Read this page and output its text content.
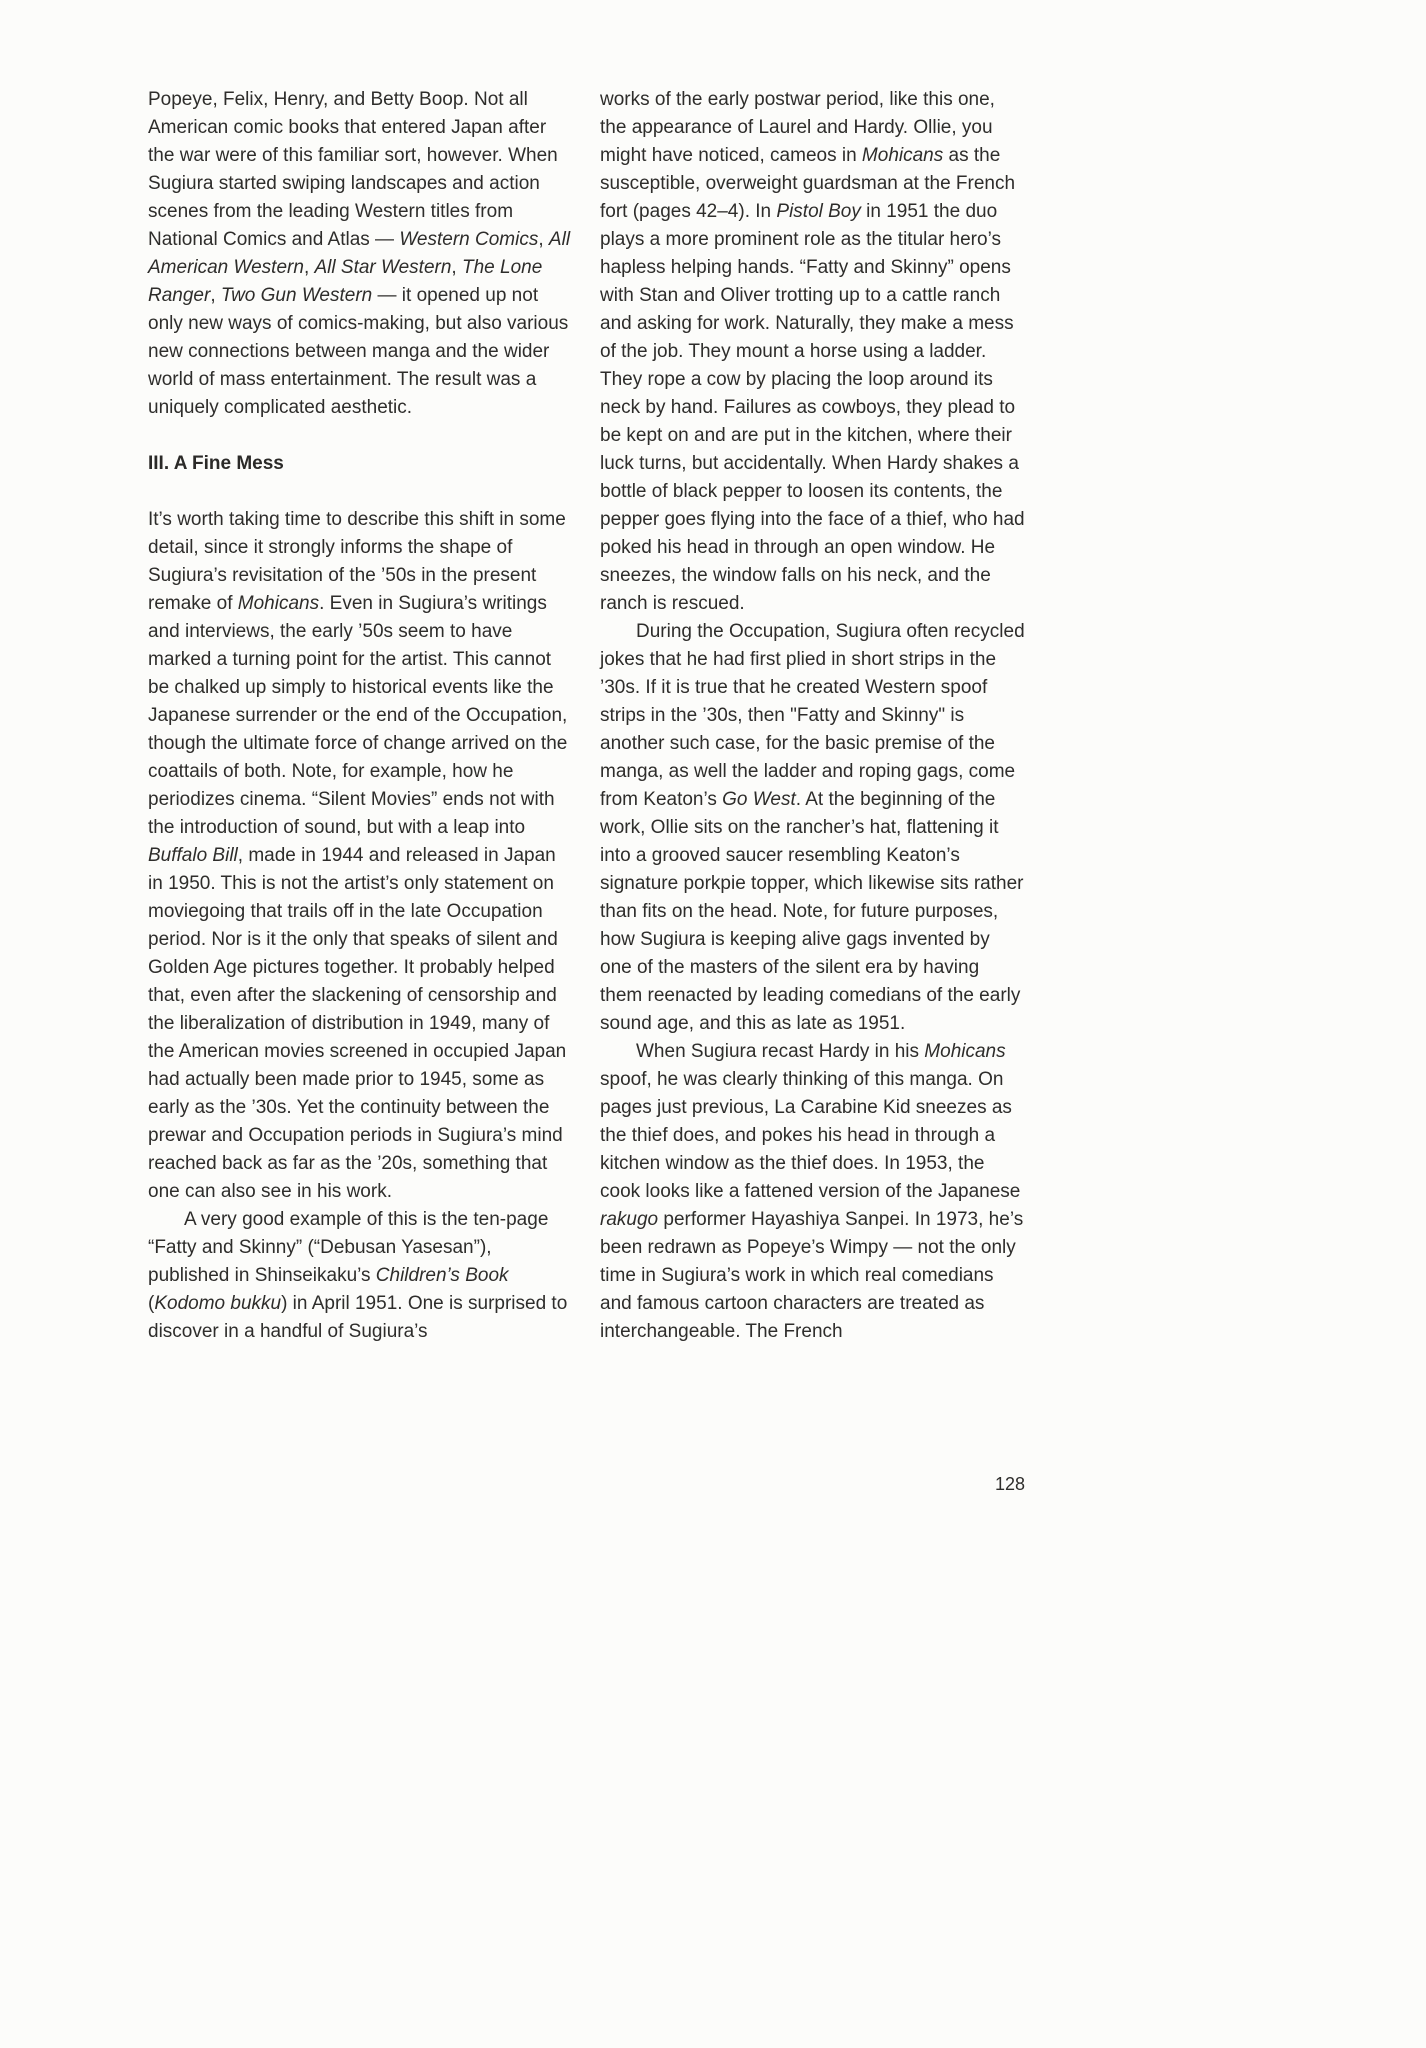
Popeye, Felix, Henry, and Betty Boop. Not all American comic books that entered Japan after the war were of this familiar sort, however. When Sugiura started swiping landscapes and action scenes from the leading Western titles from National Comics and Atlas — Western Comics, All American Western, All Star Western, The Lone Ranger, Two Gun Western — it opened up not only new ways of comics-making, but also various new connections between manga and the wider world of mass entertainment. The result was a uniquely complicated aesthetic.

III. A Fine Mess

It’s worth taking time to describe this shift in some detail, since it strongly informs the shape of Sugiura’s revisitation of the ’50s in the present remake of Mohicans. Even in Sugiura’s writings and interviews, the early ’50s seem to have marked a turning point for the artist. This cannot be chalked up simply to historical events like the Japanese surrender or the end of the Occupation, though the ultimate force of change arrived on the coattails of both. Note, for example, how he periodizes cinema. “Silent Movies” ends not with the introduction of sound, but with a leap into Buffalo Bill, made in 1944 and released in Japan in 1950. This is not the artist’s only statement on moviegoing that trails off in the late Occupation period. Nor is it the only that speaks of silent and Golden Age pictures together. It probably helped that, even after the slackening of censorship and the liberalization of distribution in 1949, many of the American movies screened in occupied Japan had actually been made prior to 1945, some as early as the ’30s. Yet the continuity between the prewar and Occupation periods in Sugiura’s mind reached back as far as the ’20s, something that one can also see in his work.

A very good example of this is the ten-page “Fatty and Skinny” (“Debusan Yasesan”), published in Shinseikaku’s Children’s Book (Kodomo bukku) in April 1951. One is surprised to discover in a handful of Sugiura’s

works of the early postwar period, like this one, the appearance of Laurel and Hardy. Ollie, you might have noticed, cameos in Mohicans as the susceptible, overweight guardsman at the French fort (pages 42–4). In Pistol Boy in 1951 the duo plays a more prominent role as the titular hero’s hapless helping hands. “Fatty and Skinny” opens with Stan and Oliver trotting up to a cattle ranch and asking for work. Naturally, they make a mess of the job. They mount a horse using a ladder. They rope a cow by placing the loop around its neck by hand. Failures as cowboys, they plead to be kept on and are put in the kitchen, where their luck turns, but accidentally. When Hardy shakes a bottle of black pepper to loosen its contents, the pepper goes flying into the face of a thief, who had poked his head in through an open window. He sneezes, the window falls on his neck, and the ranch is rescued.

During the Occupation, Sugiura often recycled jokes that he had first plied in short strips in the ’30s. If it is true that he created Western spoof strips in the ’30s, then "Fatty and Skinny" is another such case, for the basic premise of the manga, as well the ladder and roping gags, come from Keaton’s Go West. At the beginning of the work, Ollie sits on the rancher’s hat, flattening it into a grooved saucer resembling Keaton’s signature porkpie topper, which likewise sits rather than fits on the head. Note, for future purposes, how Sugiura is keeping alive gags invented by one of the masters of the silent era by having them reenacted by leading comedians of the early sound age, and this as late as 1951.

When Sugiura recast Hardy in his Mohicans spoof, he was clearly thinking of this manga. On pages just previous, La Carabine Kid sneezes as the thief does, and pokes his head in through a kitchen window as the thief does. In 1953, the cook looks like a fattened version of the Japanese rakugo performer Hayashiya Sanpei. In 1973, he’s been redrawn as Popeye’s Wimpy — not the only time in Sugiura’s work in which real comedians and famous cartoon characters are treated as interchangeable. The French

128
